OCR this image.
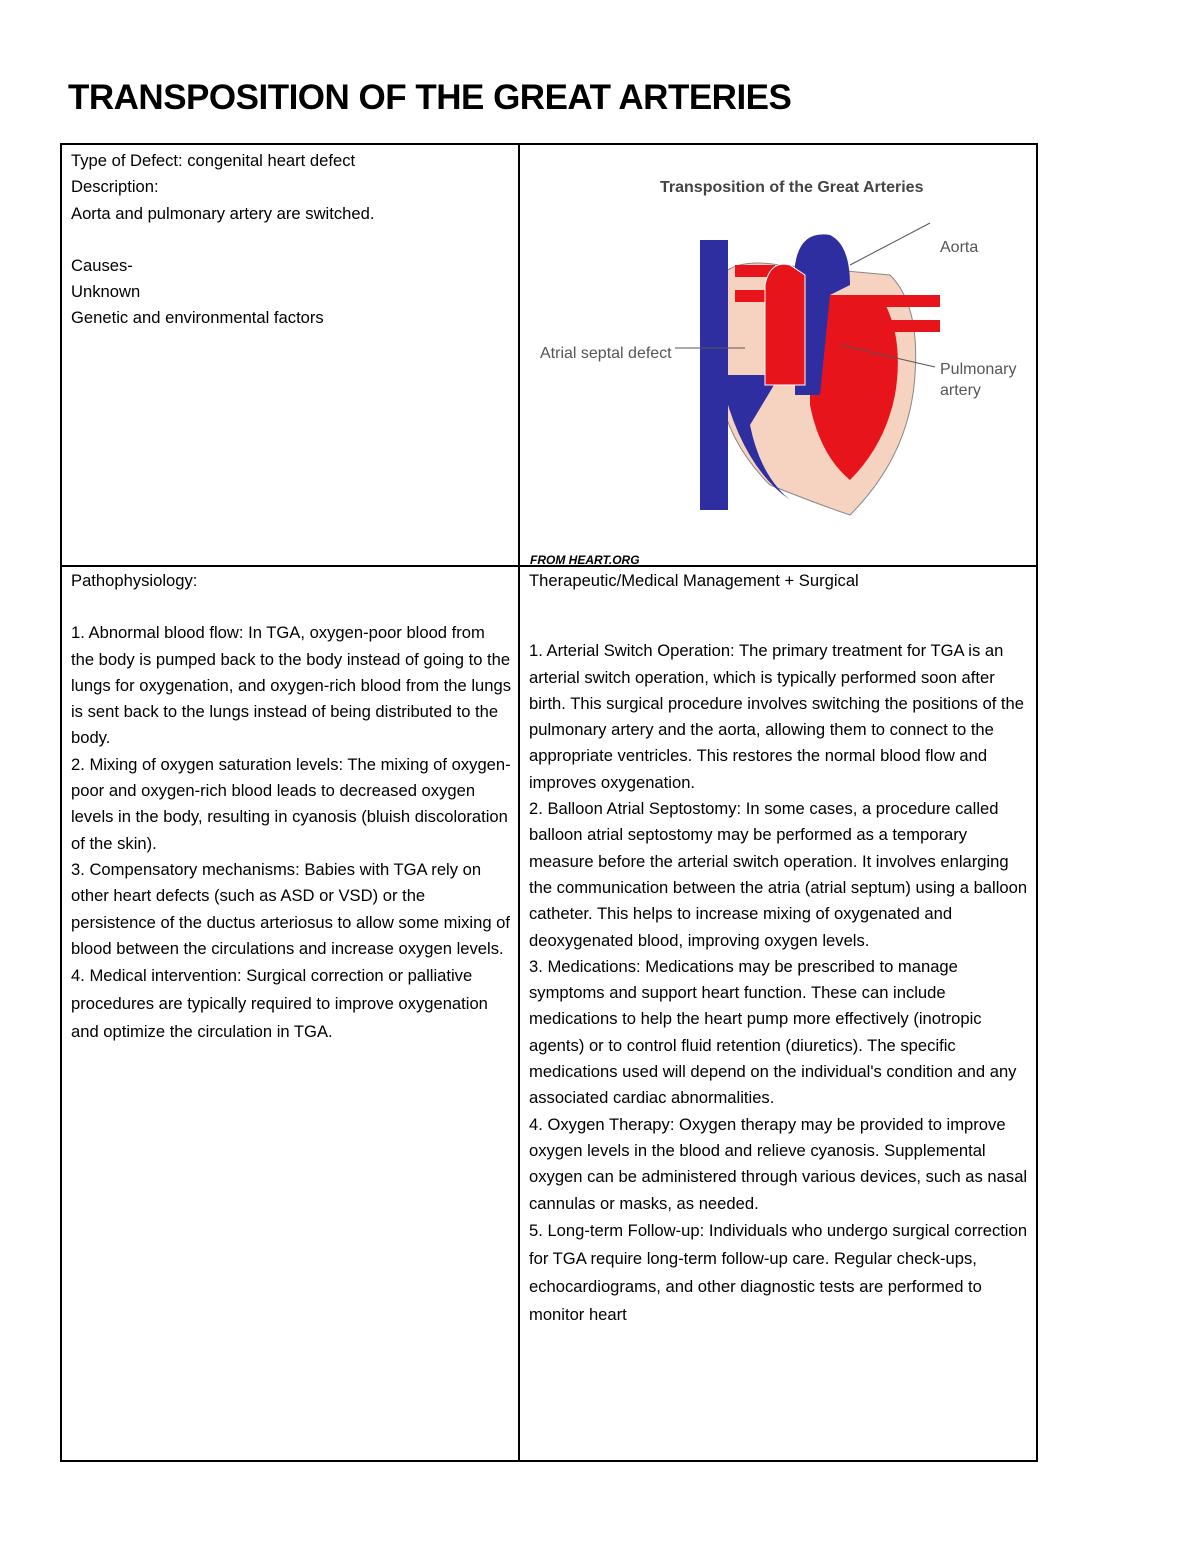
TRANSPOSITION OF THE GREAT ARTERIES

Type of Defect: congenital heart defect

Description:

Aorta and pulmonary artery are switched.

Causes-

Unknown

Genetic and environmental factors

Transposition of the Great Arteries
Aorta
Atrial septal defect
Pulmonary artery
FROM HEART.ORG

Pathophysiology:

1. Abnormal blood flow: In TGA, oxygen-poor blood from the body is pumped back to the body instead of going to the lungs for oxygenation, and oxygen-rich blood from the lungs is sent back to the lungs instead of being distributed to the body.

2. Mixing of oxygen saturation levels: The mixing of oxygen-poor and oxygen-rich blood leads to decreased oxygen levels in the body, resulting in cyanosis (bluish discoloration of the skin).

3. Compensatory mechanisms: Babies with TGA rely on other heart defects (such as ASD or VSD) or the persistence of the ductus arteriosus to allow some mixing of blood between the circulations and increase oxygen levels.

4. Medical intervention: Surgical correction or palliative procedures are typically required to improve oxygenation and optimize the circulation in TGA.

Therapeutic/Medical Management + Surgical

1. Arterial Switch Operation: The primary treatment for TGA is an arterial switch operation, which is typically performed soon after birth. This surgical procedure involves switching the positions of the pulmonary artery and the aorta, allowing them to connect to the appropriate ventricles. This restores the normal blood flow and improves oxygenation.

2. Balloon Atrial Septostomy: In some cases, a procedure called balloon atrial septostomy may be performed as a temporary measure before the arterial switch operation. It involves enlarging the communication between the atria (atrial septum) using a balloon catheter. This helps to increase mixing of oxygenated and deoxygenated blood, improving oxygen levels.

3. Medications: Medications may be prescribed to manage symptoms and support heart function. These can include medications to help the heart pump more effectively (inotropic agents) or to control fluid retention (diuretics). The specific medications used will depend on the individual's condition and any associated cardiac abnormalities.

4. Oxygen Therapy: Oxygen therapy may be provided to improve oxygen levels in the blood and relieve cyanosis. Supplemental oxygen can be administered through various devices, such as nasal cannulas or masks, as needed.

5. Long-term Follow-up: Individuals who undergo surgical correction for TGA require long-term follow-up care. Regular check-ups, echocardiograms, and other diagnostic tests are performed to monitor heart
